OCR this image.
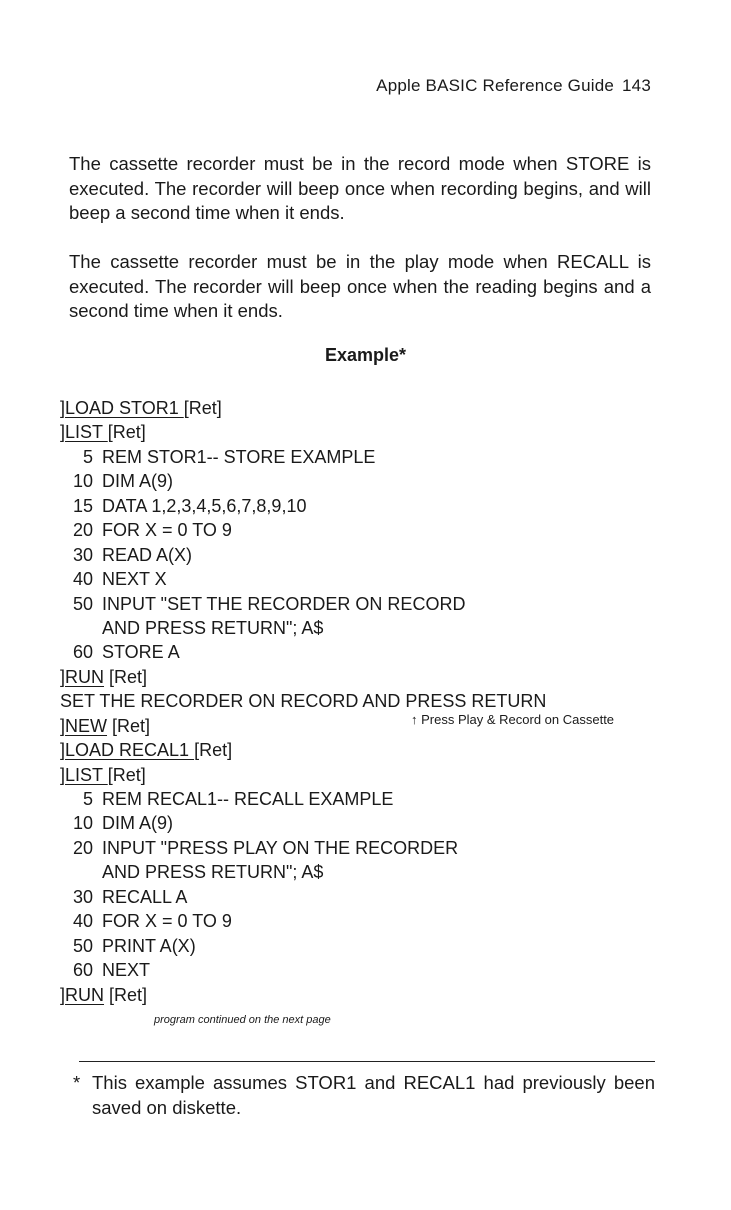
Apple BASIC Reference Guide 143

The cassette recorder must be in the record mode when STORE is executed. The recorder will beep once when recording begins, and will beep a second time when it ends.

The cassette recorder must be in the play mode when RECALL is executed. The recorder will beep once when the reading begins and a second time when it ends.

Example*
]LOAD STOR1 [Ret]
]LIST [Ret]
5 REM STOR1-- STORE EXAMPLE
10 DIM A(9)
15 DATA 1,2,3,4,5,6,7,8,9,10
20 FOR X = 0 TO 9
30 READ A(X)
40 NEXT X
50 INPUT "SET THE RECORDER ON RECORD
AND PRESS RETURN"; A$
60 STORE A
]RUN [Ret]
SET THE RECORDER ON RECORD AND PRESS RETURN
]NEW [Ret]
]LOAD RECAL1 [Ret]
]LIST [Ret]
5 REM RECAL1-- RECALL EXAMPLE
10 DIM A(9)
20 INPUT "PRESS PLAY ON THE RECORDER
AND PRESS RETURN"; A$
30 RECALL A
40 FOR X = 0 TO 9
50 PRINT A(X)
60 NEXT
]RUN [Ret]
↑ Press Play & Record on Cassette
program continued on the next page
* This example assumes STOR1 and RECAL1 had previously been saved on diskette.
